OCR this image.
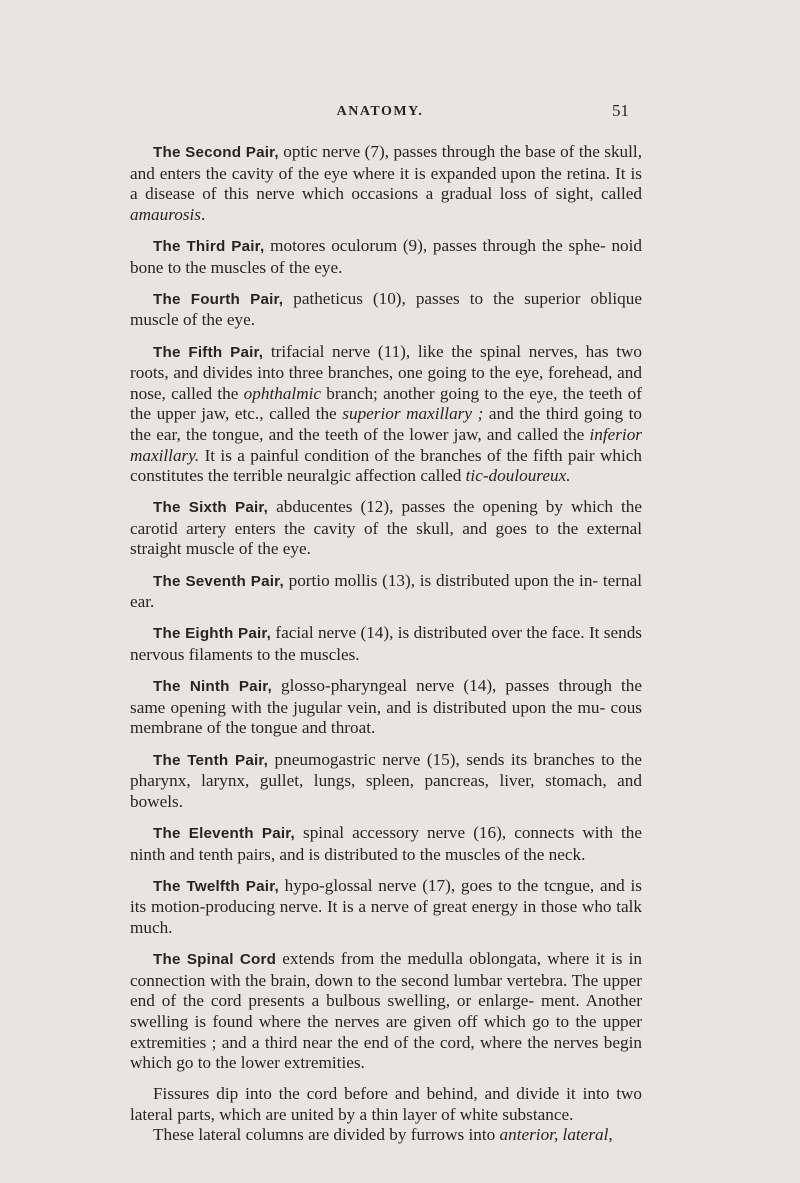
ANATOMY.	51

The Second Pair, optic nerve (7), passes through the base of the skull, and enters the cavity of the eye where it is expanded upon the retina. It is a disease of this nerve which occasions a gradual loss of sight, called amaurosis.

The Third Pair, motores oculorum (9), passes through the sphe- noid bone to the muscles of the eye.

The Fourth Pair, patheticus (10), passes to the superior oblique muscle of the eye.

The Fifth Pair, trifacial nerve (11), like the spinal nerves, has two roots, and divides into three branches, one going to the eye, forehead, and nose, called the ophthalmic branch; another going to the eye, the teeth of the upper jaw, etc., called the superior maxillary ; and the third going to the ear, the tongue, and the teeth of the lower jaw, and called the inferior maxillary. It is a painful condition of the branches of the fifth pair which constitutes the terrible neuralgic affection called tic-douloureux.

The Sixth Pair, abducentes (12), passes the opening by which the carotid artery enters the cavity of the skull, and goes to the external straight muscle of the eye.

The Seventh Pair, portio mollis (13), is distributed upon the in- ternal ear.

The Eighth Pair, facial nerve (14), is distributed over the face. It sends nervous filaments to the muscles.

The Ninth Pair, glosso-pharyngeal nerve (14), passes through the same opening with the jugular vein, and is distributed upon the mu- cous membrane of the tongue and throat.

The Tenth Pair, pneumogastric nerve (15), sends its branches to the pharynx, larynx, gullet, lungs, spleen, pancreas, liver, stomach, and bowels.

The Eleventh Pair, spinal accessory nerve (16), connects with the ninth and tenth pairs, and is distributed to the muscles of the neck.

The Twelfth Pair, hypo-glossal nerve (17), goes to the tcngue, and is its motion-producing nerve. It is a nerve of great energy in those who talk much.

The Spinal Cord extends from the medulla oblongata, where it is in connection with the brain, down to the second lumbar vertebra. The upper end of the cord presents a bulbous swelling, or enlarge- ment. Another swelling is found where the nerves are given off which go to the upper extremities ; and a third near the end of the cord, where the nerves begin which go to the lower extremities.

Fissures dip into the cord before and behind, and divide it into two lateral parts, which are united by a thin layer of white substance.

These lateral columns are divided by furrows into anterior, lateral,
